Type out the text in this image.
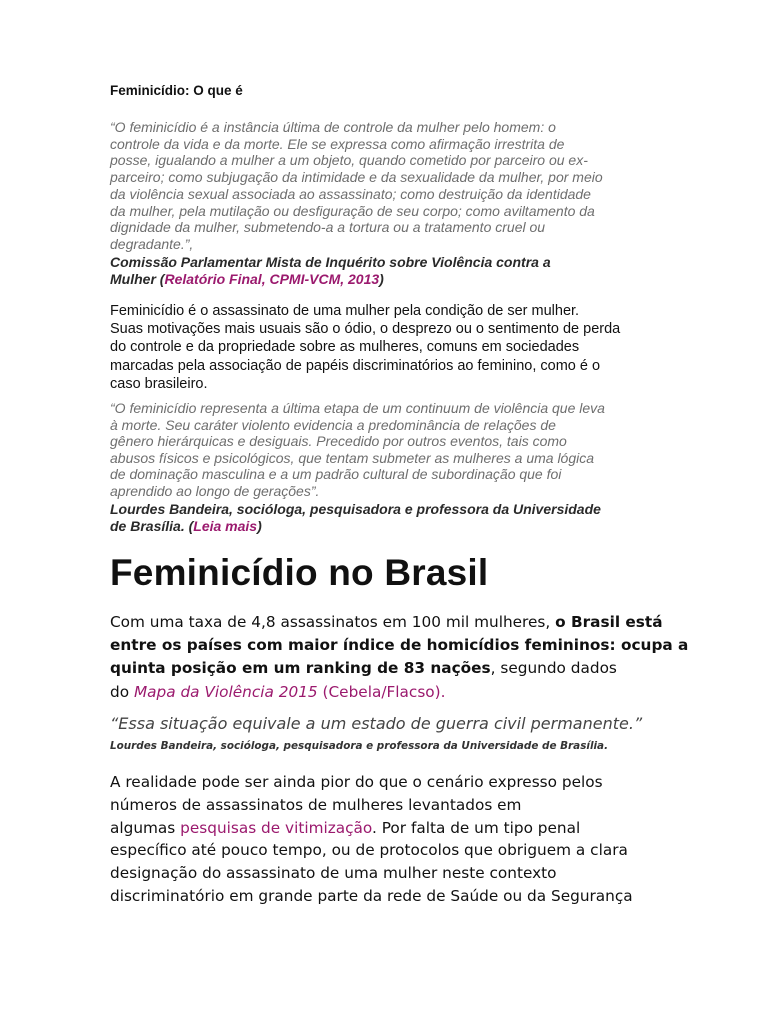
Feminicídio: O que é
“O feminicídio é a instância última de controle da mulher pelo homem: o
controle da vida e da morte. Ele se expressa como afirmação irrestrita de
posse, igualando a mulher a um objeto, quando cometido por parceiro ou ex-
parceiro; como subjugação da intimidade e da sexualidade da mulher, por meio
da violência sexual associada ao assassinato; como destruição da identidade
da mulher, pela mutilação ou desfiguração de seu corpo; como aviltamento da
dignidade da mulher, submetendo-a a tortura ou a tratamento cruel ou
degradante.”,
Comissão Parlamentar Mista de Inquérito sobre Violência contra a
Mulher (Relatório Final, CPMI-VCM, 2013)
Feminicídio é o assassinato de uma mulher pela condição de ser mulher.
Suas motivações mais usuais são o ódio, o desprezo ou o sentimento de perda
do controle e da propriedade sobre as mulheres, comuns em sociedades
marcadas pela associação de papéis discriminatórios ao feminino, como é o
caso brasileiro.
“O feminicídio representa a última etapa de um continuum de violência que leva
à morte. Seu caráter violento evidencia a predominância de relações de
gênero hierárquicas e desiguais. Precedido por outros eventos, tais como
abusos físicos e psicológicos, que tentam submeter as mulheres a uma lógica
de dominação masculina e a um padrão cultural de subordinação que foi
aprendido ao longo de gerações”.
Lourdes Bandeira, socióloga, pesquisadora e professora da Universidade
de Brasília. (Leia mais)
Feminicídio no Brasil
Com uma taxa de 4,8 assassinatos em 100 mil mulheres, o Brasil está
entre os países com maior índice de homicídios femininos: ocupa a
quinta posição em um ranking de 83 nações, segundo dados
do Mapa da Violência 2015 (Cebela/Flacso).
“Essa situação equivale a um estado de guerra civil permanente.”
Lourdes Bandeira, socióloga, pesquisadora e professora da Universidade de Brasília.
A realidade pode ser ainda pior do que o cenário expresso pelos
números de assassinatos de mulheres levantados em
algumas pesquisas de vitimização. Por falta de um tipo penal
específico até pouco tempo, ou de protocolos que obriguem a clara
designação do assassinato de uma mulher neste contexto
discriminatório em grande parte da rede de Saúde ou da Segurança
